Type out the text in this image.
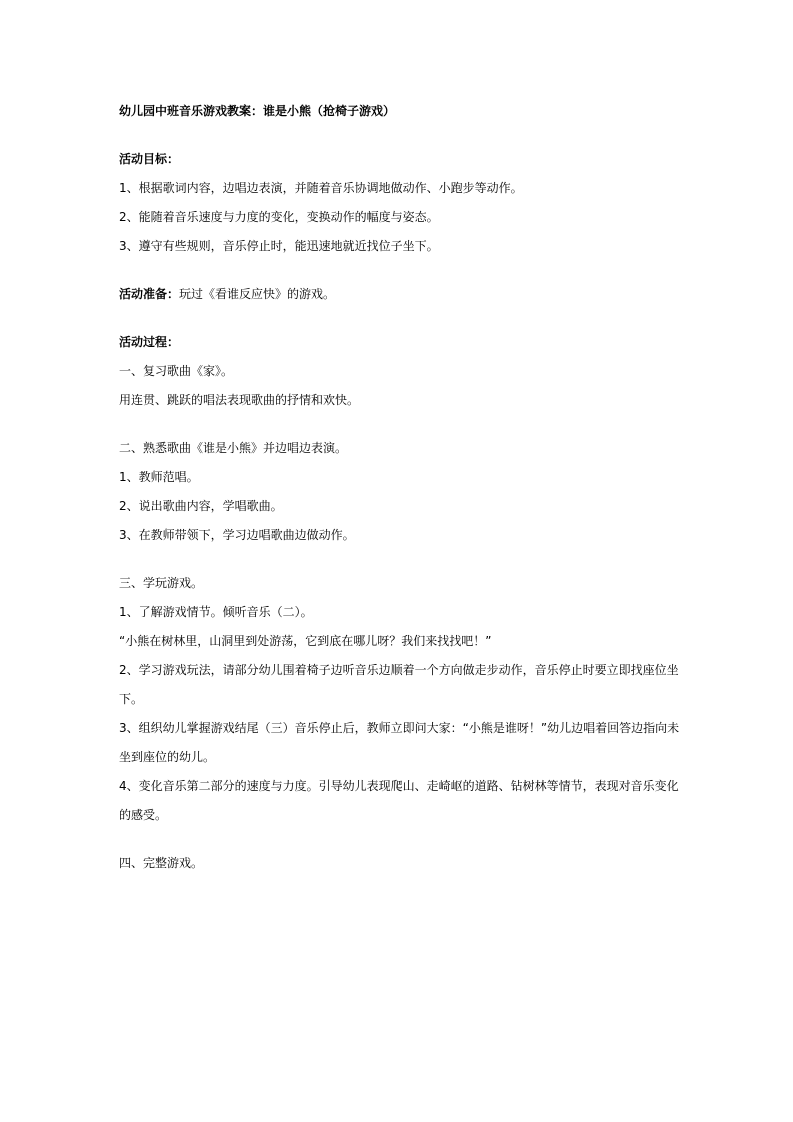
幼儿园中班音乐游戏教案：谁是小熊（抢椅子游戏）
活动目标：
1、根据歌词内容，边唱边表演，并随着音乐协调地做动作、小跑步等动作。
2、能随着音乐速度与力度的变化，变换动作的幅度与姿态。
3、遵守有些规则，音乐停止时，能迅速地就近找位子坐下。
活动准备：玩过《看谁反应快》的游戏。
活动过程：
一、复习歌曲《家》。
用连贯、跳跃的唱法表现歌曲的抒情和欢快。
二、熟悉歌曲《谁是小熊》并边唱边表演。
1、教师范唱。
2、说出歌曲内容，学唱歌曲。
3、在教师带领下，学习边唱歌曲边做动作。
三、学玩游戏。
1、了解游戏情节。倾听音乐（二）。
“小熊在树林里，山洞里到处游荡，它到底在哪儿呀？我们来找找吧！”
2、学习游戏玩法，请部分幼儿围着椅子边听音乐边顺着一个方向做走步动作，音乐停止时要立即找座位坐
下。
3、组织幼儿掌握游戏结尾（三）音乐停止后，教师立即问大家：“小熊是谁呀！”幼儿边唱着回答边指向未
坐到座位的幼儿。
4、变化音乐第二部分的速度与力度。引导幼儿表现爬山、走崎岖的道路、钻树林等情节，表现对音乐变化
的感受。
四、完整游戏。
